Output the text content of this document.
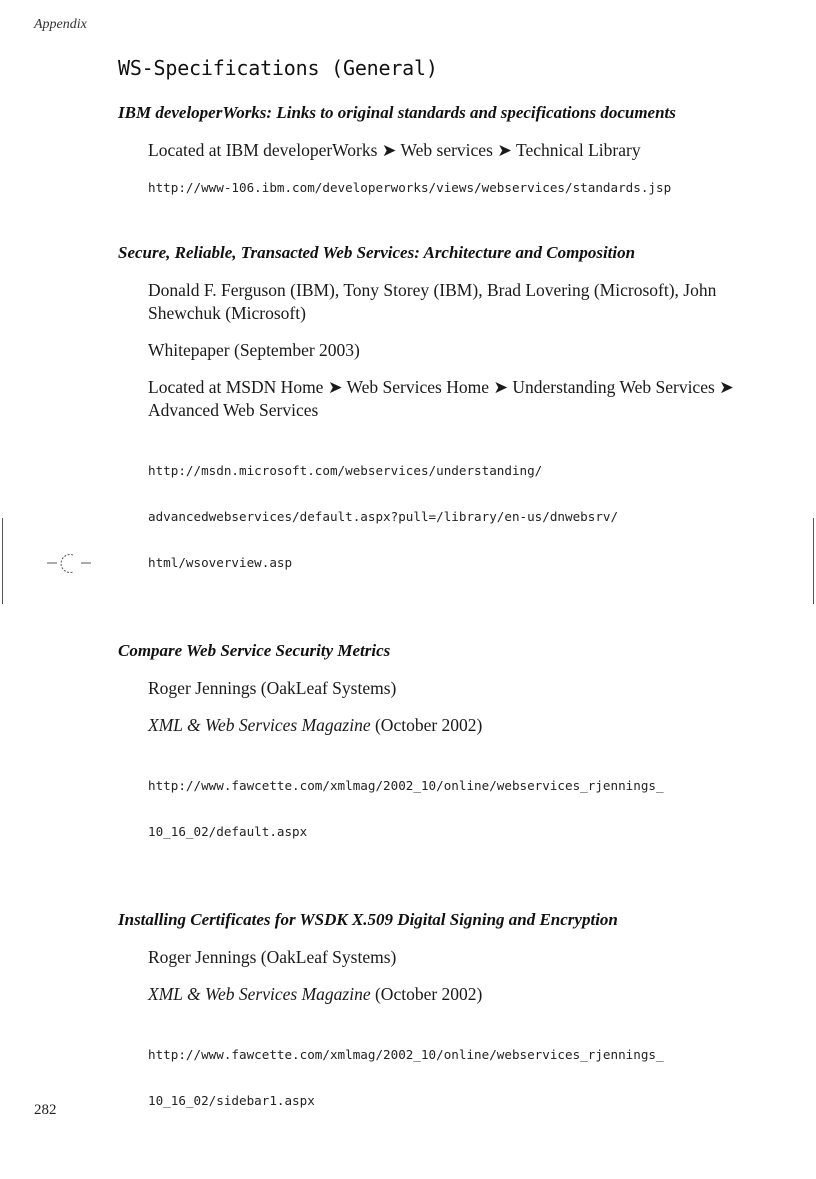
Appendix
WS-Specifications (General)
IBM developerWorks: Links to original standards and specifications documents

Located at IBM developerWorks ➤ Web services ➤ Technical Library

http://www-106.ibm.com/developerworks/views/webservices/standards.jsp

Secure, Reliable, Transacted Web Services: Architecture and Composition

Donald F. Ferguson (IBM), Tony Storey (IBM), Brad Lovering (Microsoft), John Shewchuk (Microsoft)

Whitepaper (September 2003)

Located at MSDN Home ➤ Web Services Home ➤ Understanding Web Services ➤ Advanced Web Services

http://msdn.microsoft.com/webservices/understanding/

advancedwebservices/default.aspx?pull=/library/en-us/dnwebsrv/

html/wsoverview.asp

Compare Web Service Security Metrics

Roger Jennings (OakLeaf Systems)

XML & Web Services Magazine (October 2002)

http://www.fawcette.com/xmlmag/2002_10/online/webservices_rjennings_

10_16_02/default.aspx

Installing Certificates for WSDK X.509 Digital Signing and Encryption

Roger Jennings (OakLeaf Systems)

XML & Web Services Magazine (October 2002)

http://www.fawcette.com/xmlmag/2002_10/online/webservices_rjennings_

10_16_02/sidebar1.aspx

282
